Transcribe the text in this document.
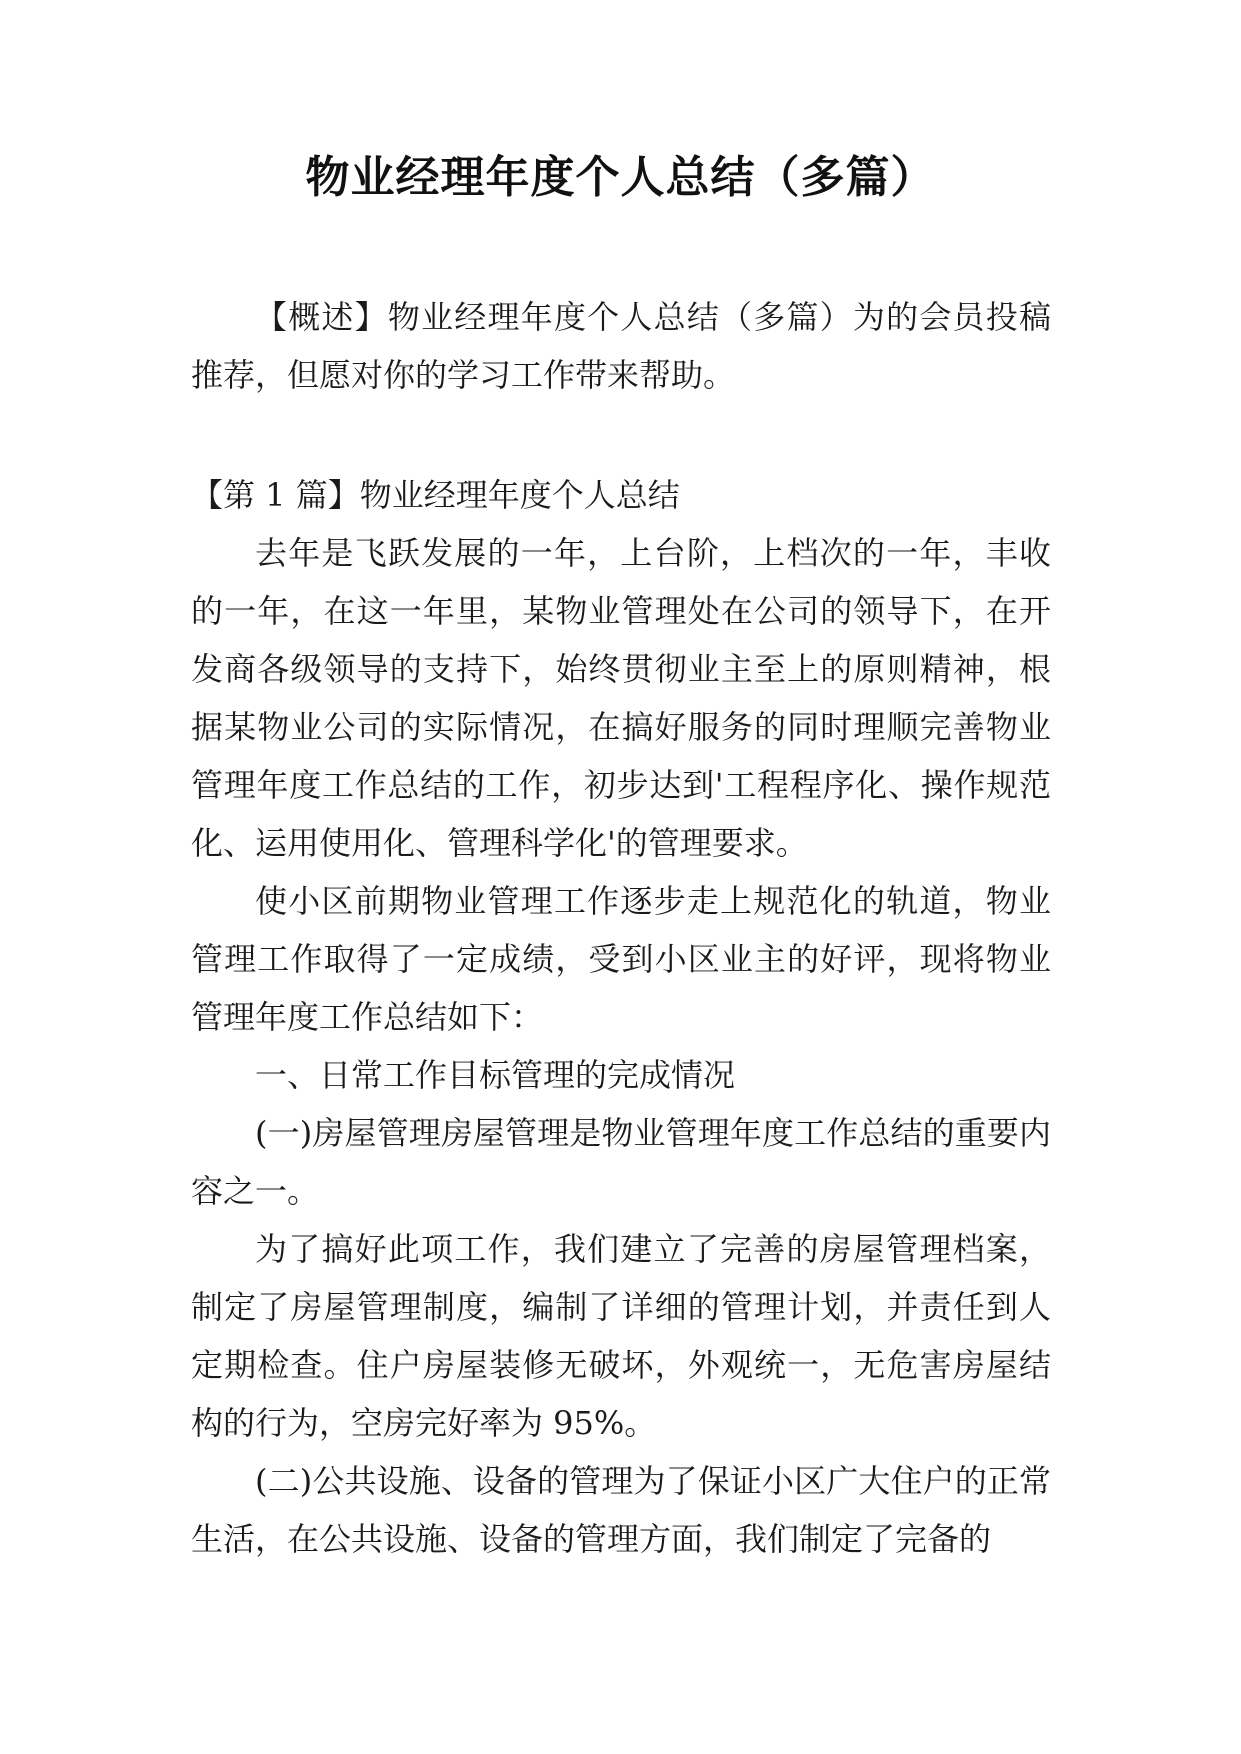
物业经理年度个人总结（多篇）

【概述】物业经理年度个人总结（多篇）为的会员投稿推荐，但愿对你的学习工作带来帮助。

【第 1 篇】物业经理年度个人总结

去年是飞跃发展的一年，上台阶，上档次的一年，丰收的一年，在这一年里，某物业管理处在公司的领导下，在开发商各级领导的支持下，始终贯彻业主至上的原则精神，根据某物业公司的实际情况，在搞好服务的同时理顺完善物业管理年度工作总结的工作，初步达到'工程程序化、操作规范化、运用使用化、管理科学化'的管理要求。

使小区前期物业管理工作逐步走上规范化的轨道，物业管理工作取得了一定成绩，受到小区业主的好评，现将物业管理年度工作总结如下：

一、日常工作目标管理的完成情况

(一)房屋管理房屋管理是物业管理年度工作总结的重要内容之一。

为了搞好此项工作，我们建立了完善的房屋管理档案，制定了房屋管理制度，编制了详细的管理计划，并责任到人定期检查。住户房屋装修无破坏，外观统一，无危害房屋结构的行为，空房完好率为 95%。

(二)公共设施、设备的管理为了保证小区广大住户的正常生活，在公共设施、设备的管理方面，我们制定了完备的
